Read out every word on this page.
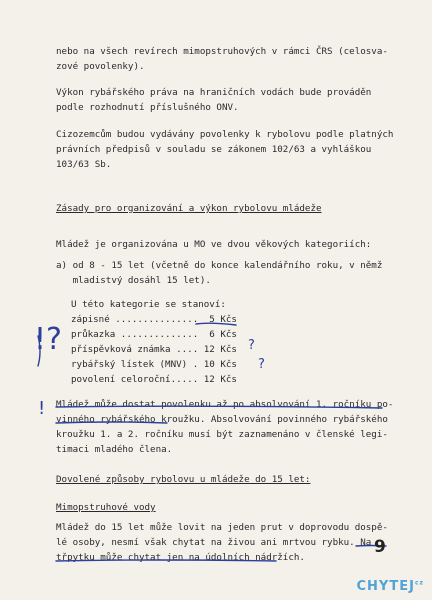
nebo na všech revírech mimopstruhových v rámci ČRS (celosva-
zové povolenky).
Výkon rybářského práva na hraničních vodách bude prováděn
podle rozhodnutí příslušného ONV.
Cizozemcům budou vydávány povolenky k rybolovu podle platných
právních předpisů v souladu se zákonem 102/63 a vyhláškou
103/63 Sb.
Zásady pro organizování a výkon rybolovu mládeže
Mládež je organizována u MO ve dvou věkových kategoriích:
a) od 8 - 15 let (včetně do konce kalendářního roku, v němž
mladistvý dosáhl 15 let).
U této kategorie se stanoví:
zápisné ...............  5 Kčs
průkazka ..............  6 Kčs
příspěvková známka .... 12 Kčs
rybářský lístek (MNV) . 10 Kčs
povolení celoroční..... 12 Kčs
Mládež může dostat povolenku až po absolvování 1. ročníku po-
vinného rybářského kroužku. Absolvování povinného rybářského
kroužku 1. a 2. ročníku musí být zaznamenáno v členské legi-
timaci mladého člena.
Dovolené způsoby rybolovu u mládeže do 15 let:
Mimopstruhové vody
Mládež do 15 let může lovit na jeden prut v doprovodu dospě-
lé osoby, nesmí však chytat na živou ani mrtvou rybku. Na
třpytku může chytat jen na údolních nádržích.
!?	?
?
!
9
$CHYTEJ^{cz}$
